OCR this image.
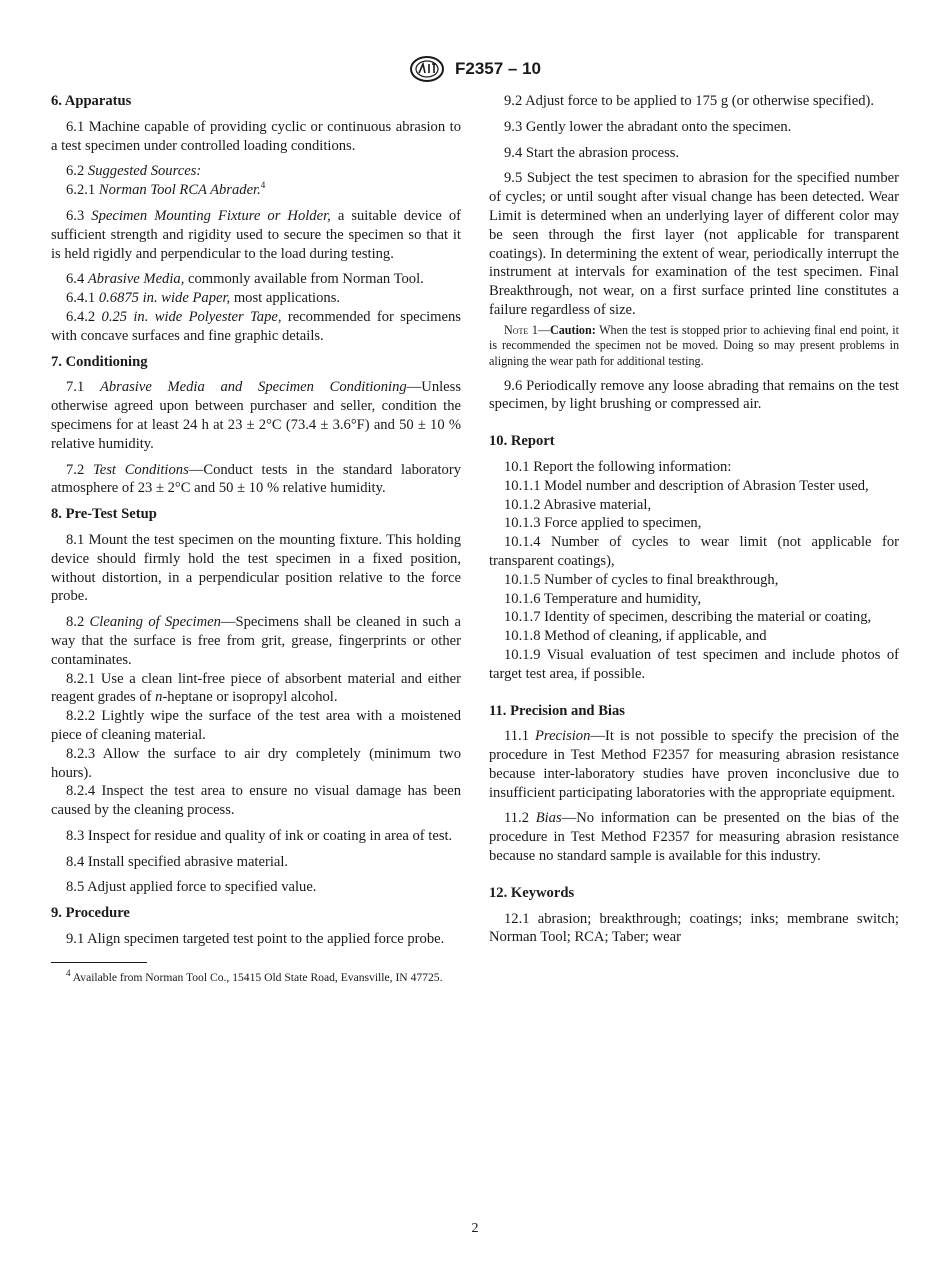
F2357 – 10

6. Apparatus

6.1 Machine capable of providing cyclic or continuous abrasion to a test specimen under controlled loading conditions.

6.2 Suggested Sources:

6.2.1 Norman Tool RCA Abrader.$^4$

6.3 Specimen Mounting Fixture or Holder, a suitable device of sufficient strength and rigidity used to secure the specimen so that it is held rigidly and perpendicular to the load during testing.

6.4 Abrasive Media, commonly available from Norman Tool.

6.4.1 0.6875 in. wide Paper, most applications.

6.4.2 0.25 in. wide Polyester Tape, recommended for specimens with concave surfaces and fine graphic details.

7. Conditioning

7.1 Abrasive Media and Specimen Conditioning—Unless otherwise agreed upon between purchaser and seller, condition the specimens for at least 24 h at 23 ± 2°C (73.4 ± 3.6°F) and 50 ± 10 % relative humidity.

7.2 Test Conditions—Conduct tests in the standard laboratory atmosphere of 23 ± 2°C and 50 ± 10 % relative humidity.

8. Pre-Test Setup

8.1 Mount the test specimen on the mounting fixture. This holding device should firmly hold the test specimen in a fixed position, without distortion, in a perpendicular position relative to the force probe.

8.2 Cleaning of Specimen—Specimens shall be cleaned in such a way that the surface is free from grit, grease, fingerprints or other contaminates.

8.2.1 Use a clean lint-free piece of absorbent material and either reagent grades of n-heptane or isopropyl alcohol.

8.2.2 Lightly wipe the surface of the test area with a moistened piece of cleaning material.

8.2.3 Allow the surface to air dry completely (minimum two hours).

8.2.4 Inspect the test area to ensure no visual damage has been caused by the cleaning process.

8.3 Inspect for residue and quality of ink or coating in area of test.

8.4 Install specified abrasive material.

8.5 Adjust applied force to specified value.

9. Procedure

9.1 Align specimen targeted test point to the applied force probe.

$^4$ Available from Norman Tool Co., 15415 Old State Road, Evansville, IN 47725.

9.2 Adjust force to be applied to 175 g (or otherwise specified).

9.3 Gently lower the abradant onto the specimen.

9.4 Start the abrasion process.

9.5 Subject the test specimen to abrasion for the specified number of cycles; or until sought after visual change has been detected. Wear Limit is determined when an underlying layer of different color may be seen through the first layer (not applicable for transparent coatings). In determining the extent of wear, periodically interrupt the instrument at intervals for examination of the test specimen. Final Breakthrough, not wear, on a first surface printed line constitutes a failure regardless of size.

Note 1—Caution: When the test is stopped prior to achieving final end point, it is recommended the specimen not be moved. Doing so may present problems in aligning the wear path for additional testing.

9.6 Periodically remove any loose abrading that remains on the test specimen, by light brushing or compressed air.

10. Report

10.1 Report the following information:

10.1.1 Model number and description of Abrasion Tester used,

10.1.2 Abrasive material,

10.1.3 Force applied to specimen,

10.1.4 Number of cycles to wear limit (not applicable for transparent coatings),

10.1.5 Number of cycles to final breakthrough,

10.1.6 Temperature and humidity,

10.1.7 Identity of specimen, describing the material or coating,

10.1.8 Method of cleaning, if applicable, and

10.1.9 Visual evaluation of test specimen and include photos of target test area, if possible.

11. Precision and Bias

11.1 Precision—It is not possible to specify the precision of the procedure in Test Method F2357 for measuring abrasion resistance because inter-laboratory studies have proven inconclusive due to insufficient participating laboratories with the appropriate equipment.

11.2 Bias—No information can be presented on the bias of the procedure in Test Method F2357 for measuring abrasion resistance because no standard sample is available for this industry.

12. Keywords

12.1 abrasion; breakthrough; coatings; inks; membrane switch; Norman Tool; RCA; Taber; wear

2
